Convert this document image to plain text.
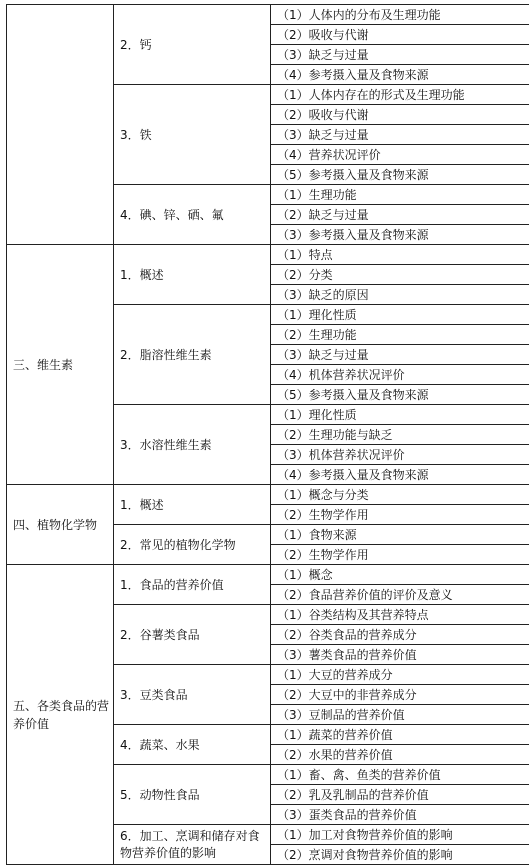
	2．钙	（1）人体内的分布及生理功能
		（2）吸收与代谢
		（3）缺乏与过量
		（4）参考摄入量及食物来源
	3．铁	（1）人体内存在的形式及生理功能
		（2）吸收与代谢
		（3）缺乏与过量
		（4）营养状况评价
		（5）参考摄入量及食物来源
	4．碘、锌、硒、氟	（1）生理功能
		（2）缺乏与过量
		（3）参考摄入量及食物来源
三、维生素	1．概述	（1）特点
		（2）分类
		（3）缺乏的原因
	2．脂溶性维生素	（1）理化性质
		（2）生理功能
		（3）缺乏与过量
		（4）机体营养状况评价
		（5）参考摄入量及食物来源
	3．水溶性维生素	（1）理化性质
		（2）生理功能与缺乏
		（3）机体营养状况评价
		（4）参考摄入量及食物来源
四、植物化学物	1．概述	（1）概念与分类
		（2）生物学作用
	2．常见的植物化学物	（1）食物来源
		（2）生物学作用
五、各类食品的营养价值	1．食品的营养价值	（1）概念
		（2）食品营养价值的评价及意义
	2．谷薯类食品	（1）谷类结构及其营养特点
		（2）谷类食品的营养成分
		（3）薯类食品的营养价值
	3．豆类食品	（1）大豆的营养成分
		（2）大豆中的非营养成分
		（3）豆制品的营养价值
	4．蔬菜、水果	（1）蔬菜的营养价值
		（2）水果的营养价值
	5．动物性食品	（1）畜、禽、鱼类的营养价值
		（2）乳及乳制品的营养价值
		（3）蛋类食品的营养价值
	6．加工、烹调和储存对食物营养价值的影响	（1）加工对食物营养价值的影响
		（2）烹调对食物营养价值的影响
